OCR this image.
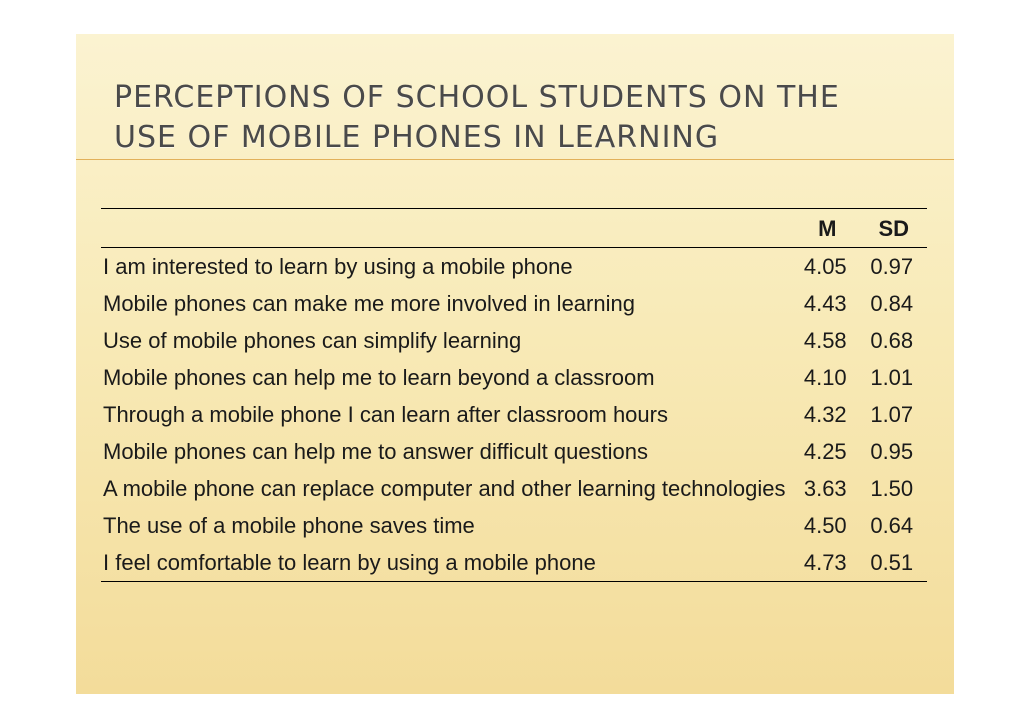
PERCEPTIONS OF SCHOOL STUDENTS ON THE
USE OF MOBILE PHONES IN LEARNING
	M	SD
I am interested to learn by using a mobile phone	4.05	0.97
Mobile phones can make me more involved in learning	4.43	0.84
Use of mobile phones can simplify learning	4.58	0.68
Mobile phones can help me to learn beyond a classroom	4.10	1.01
Through a mobile phone I can learn after classroom hours	4.32	1.07
Mobile phones can help me to answer difficult questions	4.25	0.95
A mobile phone can replace computer and other learning technologies	3.63	1.50
The use of a mobile phone saves time	4.50	0.64
I feel comfortable to learn by using a mobile phone	4.73	0.51
